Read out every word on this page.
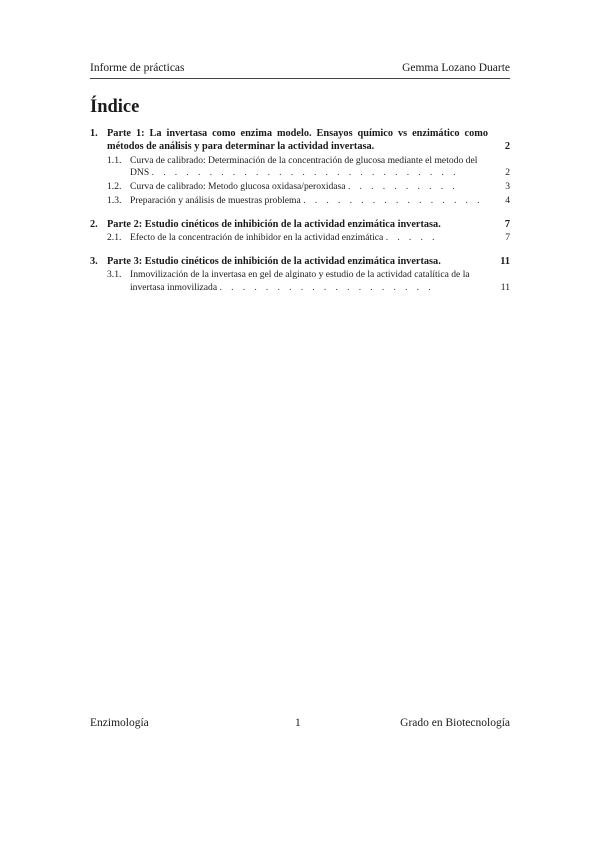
Informe de prácticas	Gemma Lozano Duarte
Índice
1. Parte 1: La invertasa como enzima modelo. Ensayos químico vs enzimático como métodos de análisis y para determinar la actividad invertasa.	2
1.1. Curva de calibrado: Determinación de la concentración de glucosa mediante el metodo del DNS . . . . . . . . . . . . . . . . . . . . . . . . . . .	2
1.2. Curva de calibrado: Metodo glucosa oxidasa/peroxidasa . . . . . . . . . .	3
1.3. Preparación y análisis de muestras problema . . . . . . . . . . . . . . . .	4
2. Parte 2: Estudio cinéticos de inhibición de la actividad enzimática invertasa.	7
2.1. Efecto de la concentración de inhibidor en la actividad enzimática . . . . .	7
3. Parte 3: Estudio cinéticos de inhibición de la actividad enzimática invertasa.	11
3.1. Inmovilización de la invertasa en gel de alginato y estudio de la actividad catalítica de la invertasa inmovilizada . . . . . . . . . . . . . . . . . . .	11
Enzimología	1	Grado en Biotecnología
